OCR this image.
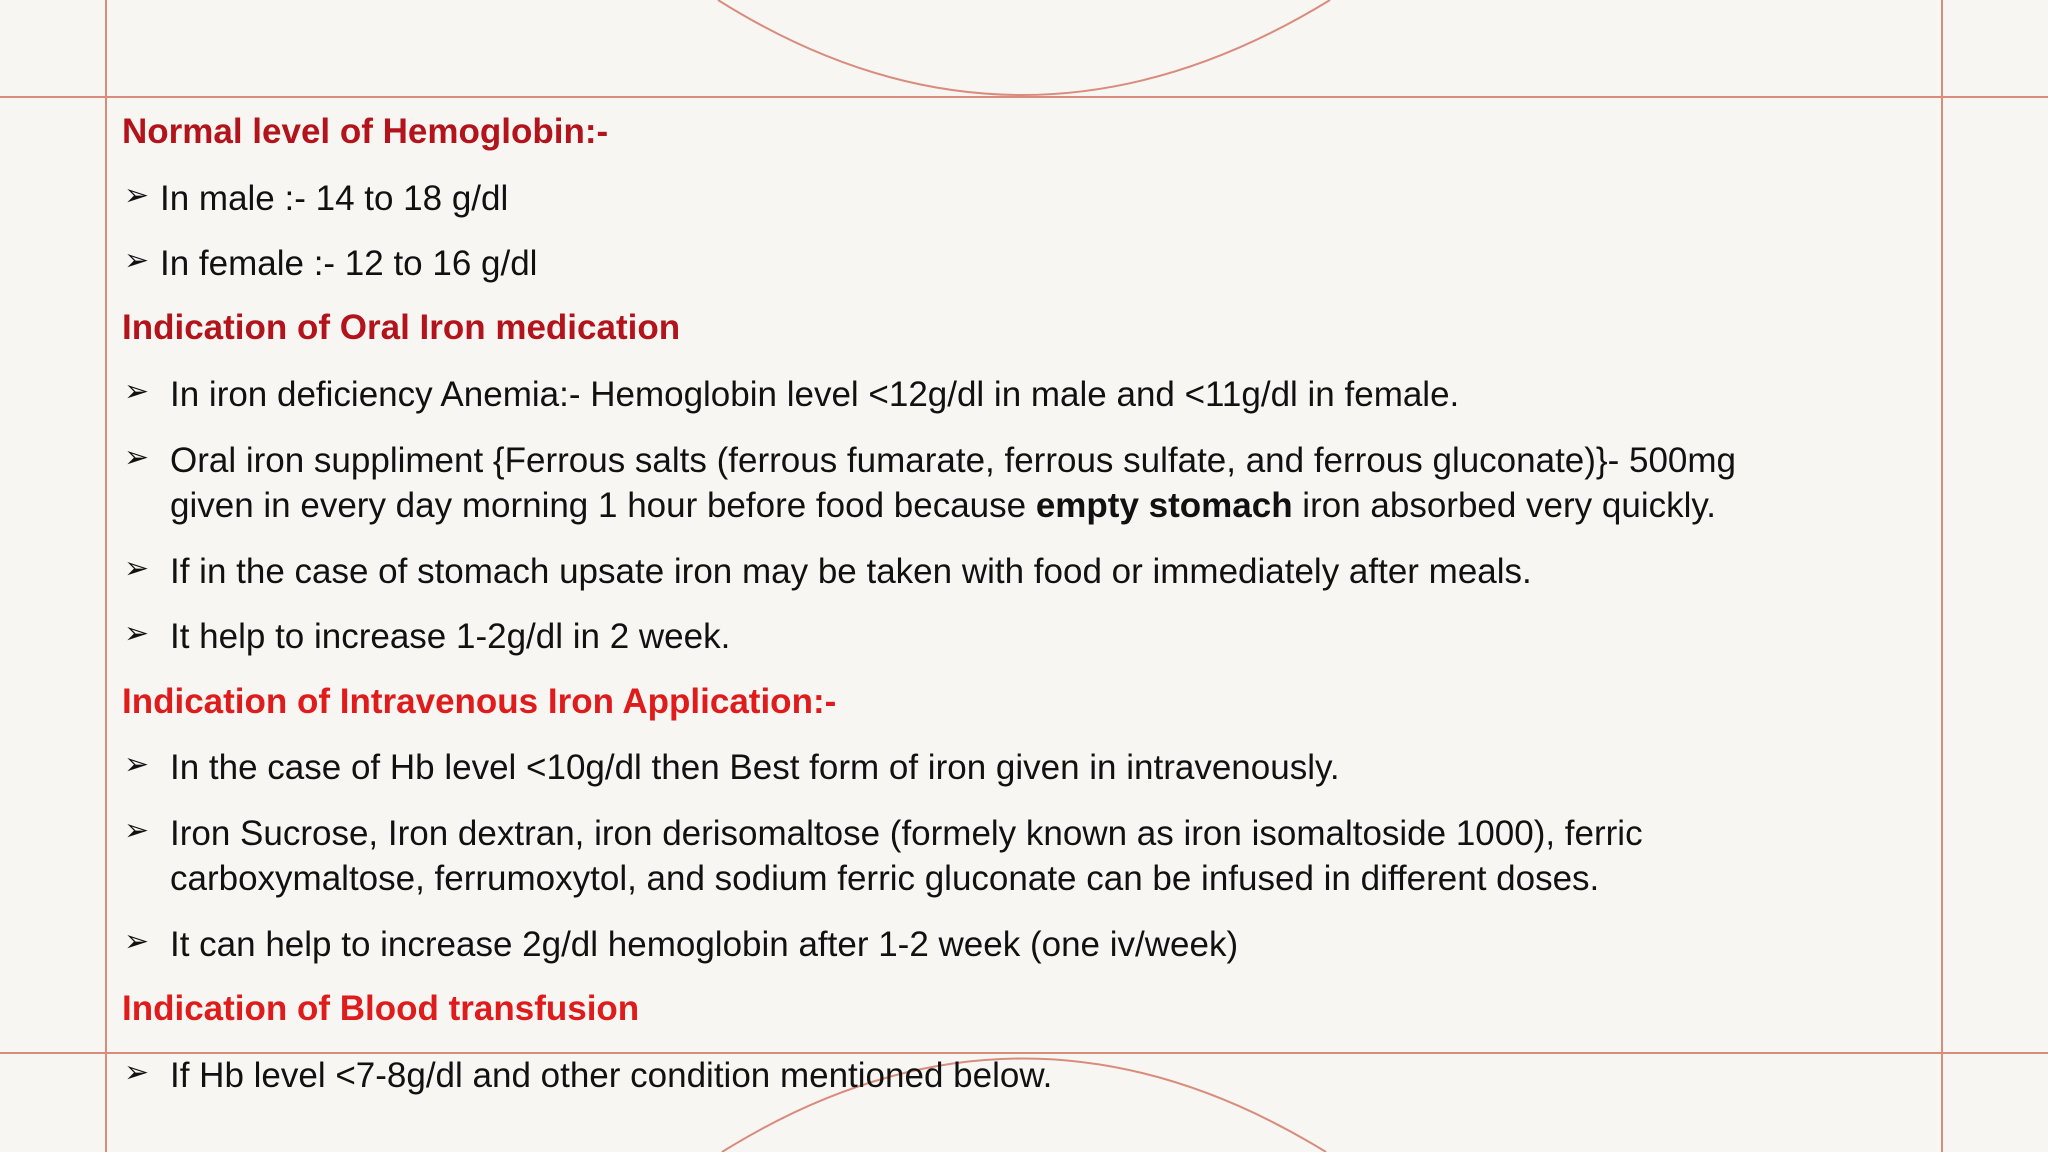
Normal level of Hemoglobin:-
➢ In male :- 14 to 18 g/dl
➢ In female :- 12 to 16 g/dl
Indication of Oral Iron medication
➢ In iron deficiency Anemia:- Hemoglobin level <12g/dl in male and <11g/dl in female.
➢ Oral iron suppliment {Ferrous salts (ferrous fumarate, ferrous sulfate, and ferrous gluconate)}- 500mg
given in every day morning 1 hour before food because empty stomach iron absorbed very quickly.
➢ If in the case of stomach upsate iron may be taken with food or immediately after meals.
➢ It help to increase 1-2g/dl in 2 week.
Indication of Intravenous Iron Application:-
➢ In the case of Hb level <10g/dl then Best form of iron given in intravenously.
➢ Iron Sucrose, Iron dextran, iron derisomaltose (formely known as iron isomaltoside 1000), ferric
carboxymaltose, ferrumoxytol, and sodium ferric gluconate can be infused in different doses.
➢ It can help to increase 2g/dl hemoglobin after 1-2 week (one iv/week)
Indication of Blood transfusion
➢ If Hb level <7-8g/dl and other condition mentioned below.
